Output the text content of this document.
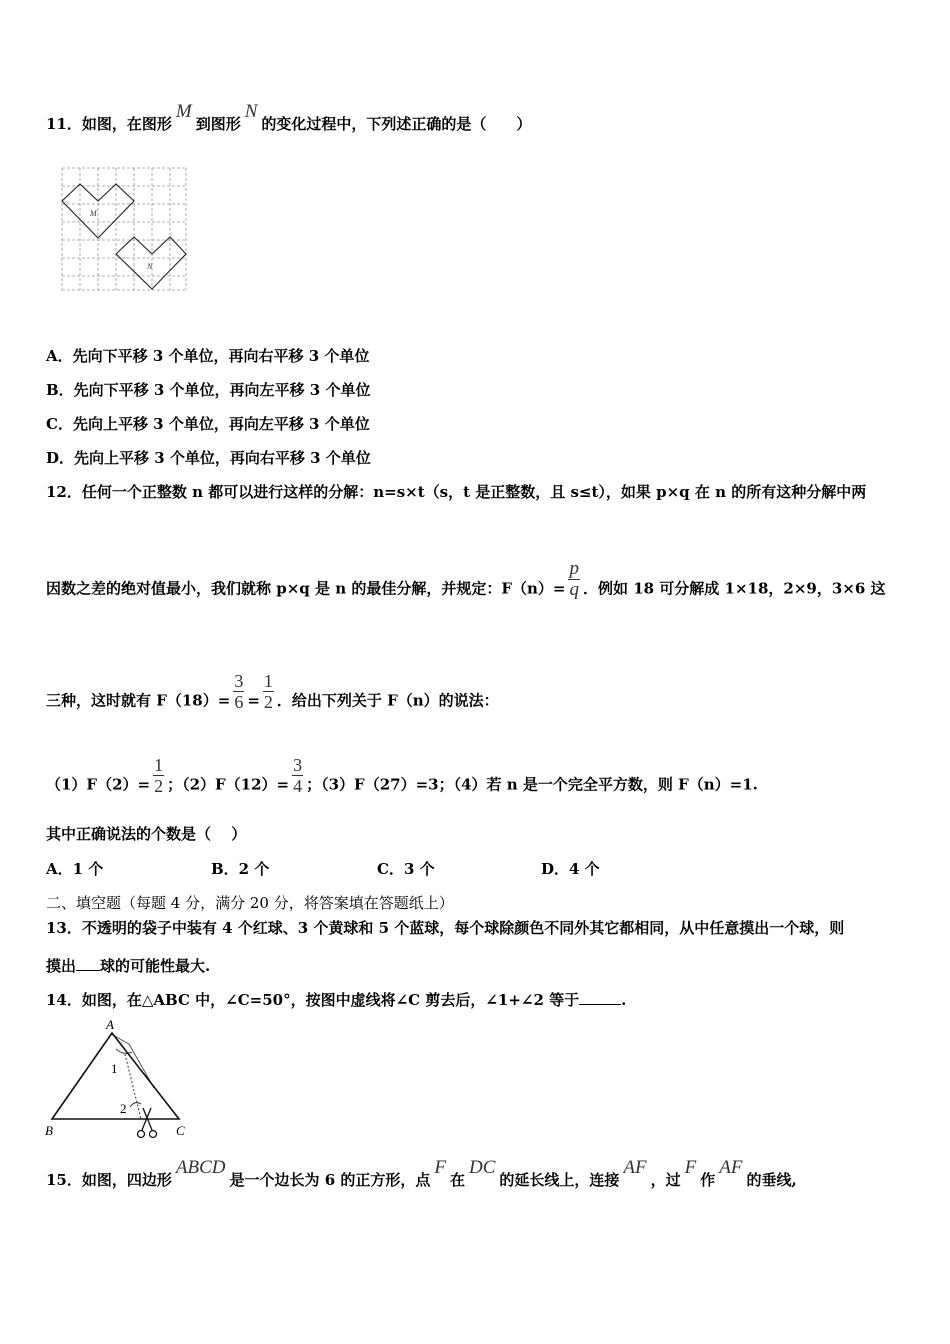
11．如图，在图形M到图形N的变化过程中，下列述正确的是（　　）
M
N
A．先向下平移 3 个单位，再向右平移 3 个单位
B．先向下平移 3 个单位，再向左平移 3 个单位
C．先向上平移 3 个单位，再向左平移 3 个单位
D．先向上平移 3 个单位，再向右平移 3 个单位
12．任何一个正整数 n 都可以进行这样的分解：n=s×t（s，t 是正整数，且 s≤t），如果 p×q 在 n 的所有这种分解中两
因数之差的绝对值最小，我们就称 p×q 是 n 的最佳分解，并规定：$F(n)= \frac{p}{q}$ ．例如 18 可分解成 1×18，2×9，3×6 这
三种，这时就有 $F(18)= \frac{3}{6} = \frac{1}{2}$ ．给出下列关于 F（n）的说法：
$(1)F(2)= \frac{1}{2}$ ；$(2)F(12)= \frac{3}{4}$ ；（3）F（27）=3；（4）若 n 是一个完全平方数，则 F（n）=1.
其中正确说法的个数是（　 ）
A．1 个	B．2 个	C．3 个	D．4 个
二、填空题（每题 4 分，满分 20 分，将答案填在答题纸上）
13．不透明的袋子中装有 4 个红球、3 个黄球和 5 个蓝球，每个球除颜色不同外其它都相同，从中任意摸出一个球，则
摸出 球的可能性最大.
14．如图，在△ABC 中，∠C=50°，按图中虚线将∠C 剪去后，∠1+∠2 等于	.
A
B	C
1
2
15．如图，四边形ABCD是一个边长为 6 的正方形，点F在DC的延长线上，连接AF，过F作AF的垂线,
